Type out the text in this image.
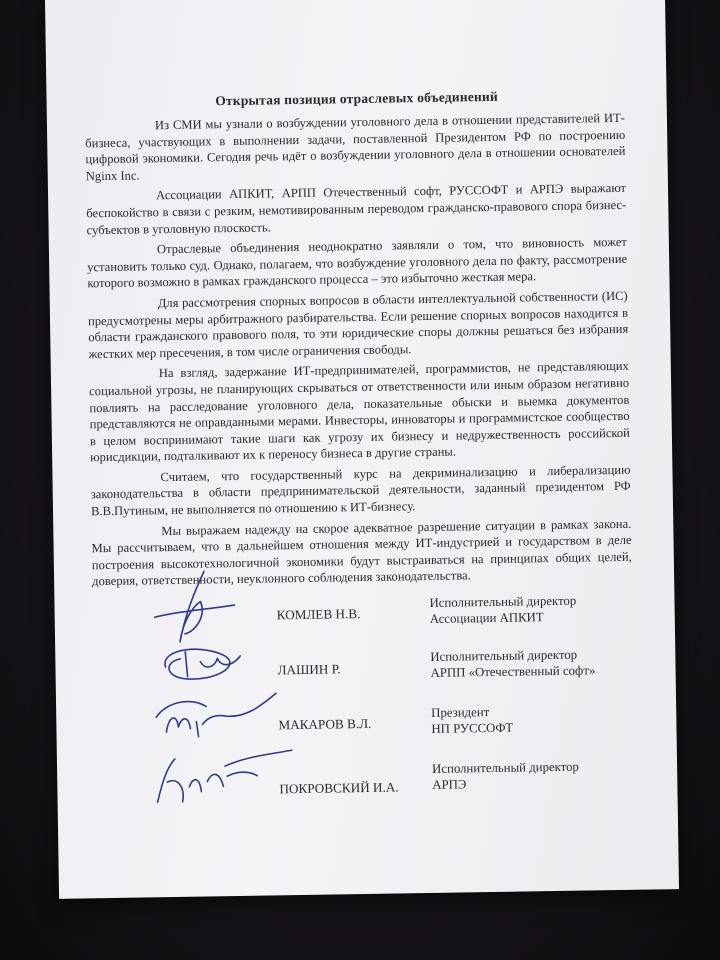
Открытая позиция отраслевых объединений

Из СМИ мы узнали о возбуждении уголовного дела в отношении представителей ИТ-бизнеса, участвующих в выполнении задачи, поставленной Президентом РФ по построению цифровой экономики. Сегодня речь идёт о возбуждении уголовного дела в отношении основателей Nginx Inc.

Ассоциации АПКИТ, АРПП Отечественный софт, РУССОФТ и АРПЭ выражают беспокойство в связи с резким, немотивированным переводом гражданско-правового спора бизнес-субъектов в уголовную плоскость.

Отраслевые объединения неоднократно заявляли о том, что виновность может установить только суд. Однако, полагаем, что возбуждение уголовного дела по факту, рассмотрение которого возможно в рамках гражданского процесса – это избыточно жесткая мера.

Для рассмотрения спорных вопросов в области интеллектуальной собственности (ИС) предусмотрены меры арбитражного разбирательства. Если решение спорных вопросов находится в области гражданского правового поля, то эти юридические споры должны решаться без избрания жестких мер пресечения, в том числе ограничения свободы.

На взгляд, задержание ИТ-предпринимателей, программистов, не представляющих социальной угрозы, не планирующих скрываться от ответственности или иным образом негативно повлиять на расследование уголовного дела, показательные обыски и выемка документов представляются не оправданными мерами. Инвесторы, инноваторы и программистское сообщество в целом воспринимают такие шаги как угрозу их бизнесу и недружественность российской юрисдикции, подталкивают их к переносу бизнеса в другие страны.

Считаем, что государственный курс на декриминализацию и либерализацию законодательства в области предпринимательской деятельности, заданный президентом РФ В.В.Путиным, не выполняется по отношению к ИТ-бизнесу.

Мы выражаем надежду на скорое адекватное разрешение ситуации в рамках закона. Мы рассчитываем, что в дальнейшем отношения между ИТ-индустрией и государством в деле построения высокотехнологичной экономики будут выстраиваться на принципах общих целей, доверия, ответственности, неуклонного соблюдения законодательства.

КОМЛЕВ Н.В.
Исполнительный директор
Ассоциации АПКИТ
ЛАШИН Р.
Исполнительный директор
АРПП «Отечественный софт»
МАКАРОВ В.Л.
Президент
НП РУССОФТ
ПОКРОВСКИЙ И.А.
Исполнительный директор
АРПЭ
